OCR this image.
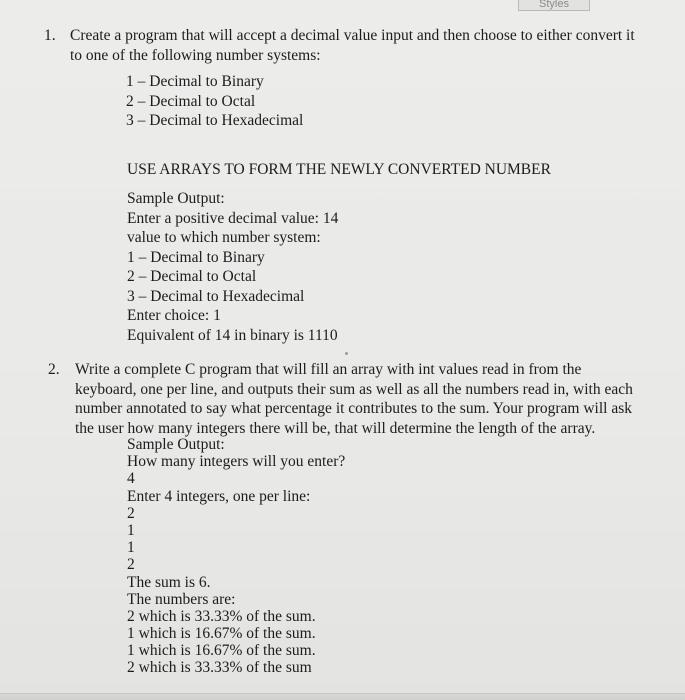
Styles
1. Create a program that will accept a decimal value input and then choose to either convert it
to one of the following number systems:
1 – Decimal to Binary
2 – Decimal to Octal
3 – Decimal to Hexadecimal
USE ARRAYS TO FORM THE NEWLY CONVERTED NUMBER
Sample Output:
Enter a positive decimal value: 14
value to which number system:
1 – Decimal to Binary
2 – Decimal to Octal
3 – Decimal to Hexadecimal
Enter choice: 1
Equivalent of 14 in binary is 1110
2. Write a complete C program that will fill an array with int values read in from the
keyboard, one per line, and outputs their sum as well as all the numbers read in, with each
number annotated to say what percentage it contributes to the sum. Your program will ask
the user how many integers there will be, that will determine the length of the array.
Sample Output:
How many integers will you enter?
4
Enter 4 integers, one per line:
2
1
1
2
The sum is 6.
The numbers are:
2 which is 33.33% of the sum.
1 which is 16.67% of the sum.
1 which is 16.67% of the sum.
2 which is 33.33% of the sum
